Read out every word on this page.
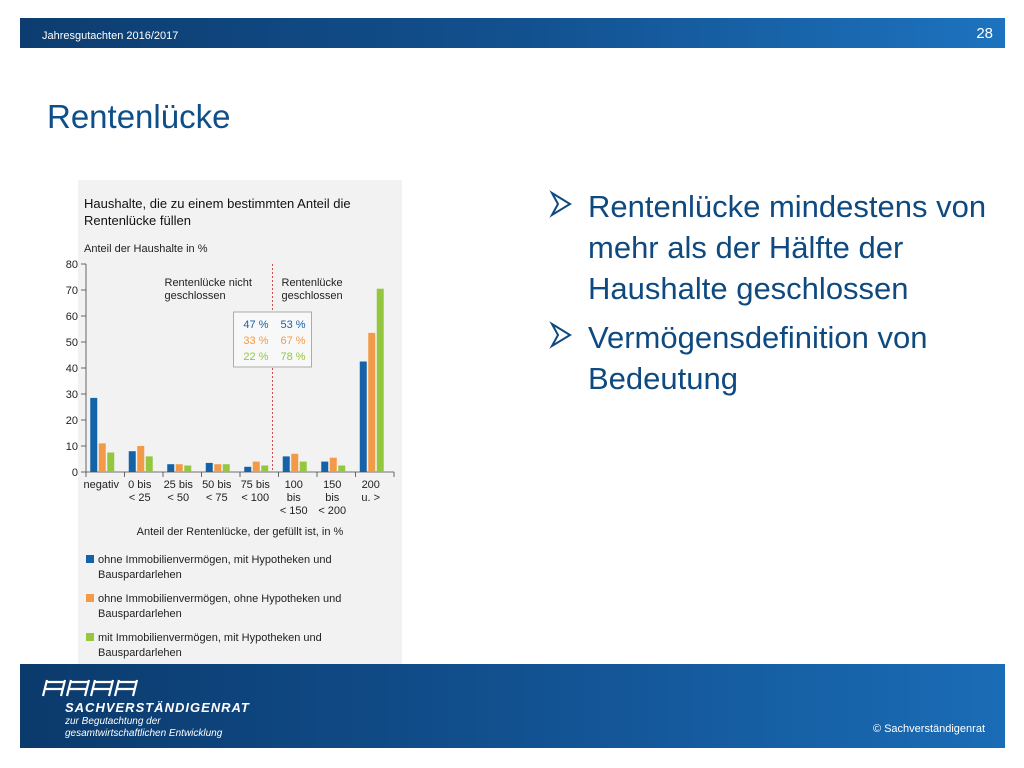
Jahresgutachten 2016/2017	28
Rentenlücke
Haushalte, die zu einem bestimmten Anteil die
Rentenlücke füllen
Anteil der Haushalte in %
0
10
20
30
40
50
60
70
80
negativ 0 bis
< 25
25 bis
< 50
50 bis
< 75
75 bis
< 100
100
bis
< 150
150
bis
< 200
200
u. >
Anteil der Rentenlücke, der gefüllt ist, in %
Rentenlücke nicht
geschlossen
Rentenlücke
geschlossen
47 %
33 %
22 %
53 %
67 %
78 %
ohne Immobilienvermögen, mit Hypotheken und
Bauspardarlehen
ohne Immobilienvermögen, ohne Hypotheken und
Bauspardarlehen
mit Immobilienvermögen, mit Hypotheken und
Bauspardarlehen
Rentenlücke mindestens von mehr als der Hälfte der Haushalte geschlossen
Vermögensdefinition von Bedeutung
SACHVERSTÄNDIGENRAT
zur Begutachtung der
gesamtwirtschaftlichen Entwicklung	© Sachverständigenrat
